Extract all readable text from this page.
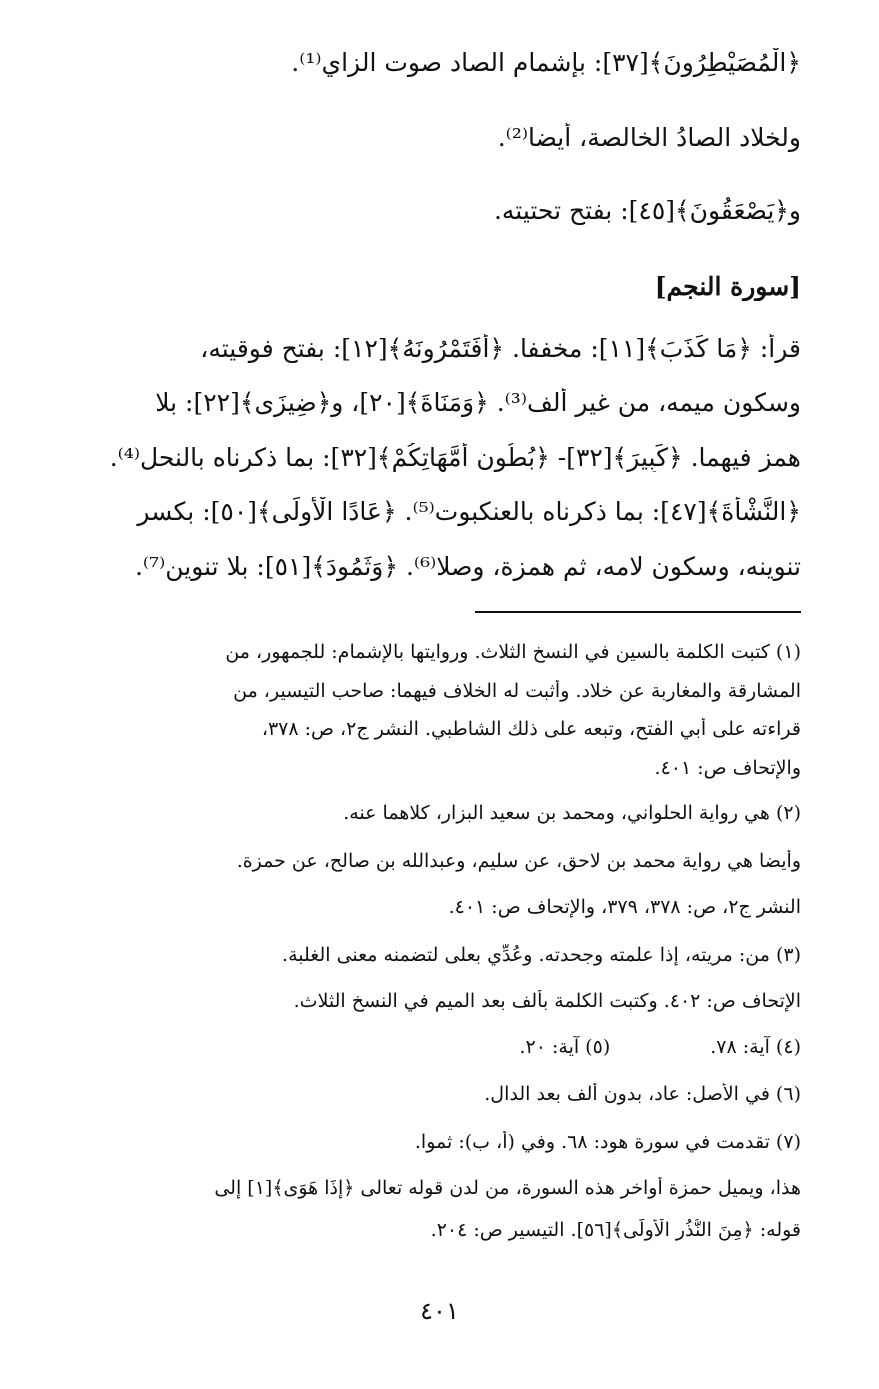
﴿الْمُصَيْطِرُونَ﴾[٣٧]: بإشمام الصاد صوت الزاي⁽¹⁾.
ولخلاد الصادُ الخالصة، أيضا⁽²⁾.
و﴿يَصْعَقُونَ﴾[٤٥]: بفتح تحتيته.
[سورة النجم]
قرأ: ﴿مَا كَذَبَ﴾[١١]: مخففا. ﴿أَفَتَمْرُونَهُ﴾[١٢]: بفتح فوقيته،
وسكون ميمه، من غير ألف⁽³⁾. ﴿وَمَنَاةَ﴾[٢٠]، و﴿ضِيزَى﴾[٢٢]: بلا
همز فيهما. ﴿كَبِيرَ﴾[٣٢]- ﴿بُطُونِ أُمَّهَاتِكُمْ﴾[٣٢]: بما ذكرناه بالنحل⁽⁴⁾.
﴿النَّشْأَةَ﴾[٤٧]: بما ذكرناه بالعنكبوت⁽⁵⁾. ﴿عَادًا الْأُولَى﴾[٥٠]: بكسر
تنوينه، وسكون لامه، ثم همزة، وصلا⁽⁶⁾. ﴿وَثَمُودَ﴾[٥١]: بلا تنوين⁽⁷⁾.
(١) كتبت الكلمة بالسين في النسخ الثلاث. وروايتها بالإشمام: للجمهور، من
المشارقة والمغاربة عن خلاد. وأثبت له الخلاف فيهما: صاحب التيسير، من
قراءته على أبي الفتح، وتبعه على ذلك الشاطبي. النشر ج٢، ص: ٣٧٨،
والإتحاف ص: ٤٠١.
(٢) هي رواية الحلواني، ومحمد بن سعيد البزار، كلاهما عنه.
وأيضا هي رواية محمد بن لاحق، عن سليم، وعبدالله بن صالح، عن حمزة.
النشر ج٢، ص: ٣٧٨، ٣٧٩، والإتحاف ص: ٤٠١.
(٣) من: مريته، إذا علمته وجحدته. وعُدِّي بعلى لتضمنه معنى الغلبة.
الإتحاف ص: ٤٠٢. وكتبت الكلمة بألف بعد الميم في النسخ الثلاث.
(٤) آية: ٧٨.
(٥) آية: ٢٠.
(٦) في الأصل: عاد، بدون ألف بعد الدال.
(٧) تقدمت في سورة هود: ٦٨. وفي (أ، ب): ثموا.
هذا، ويميل حمزة أواخر هذه السورة، من لدن قوله تعالى ﴿إِذَا هَوَى﴾[١] إلى
قوله: ﴿مِنَ النُّذُرِ الْأُولَى﴾[٥٦]. التيسير ص: ٢٠٤.
٤٠١
